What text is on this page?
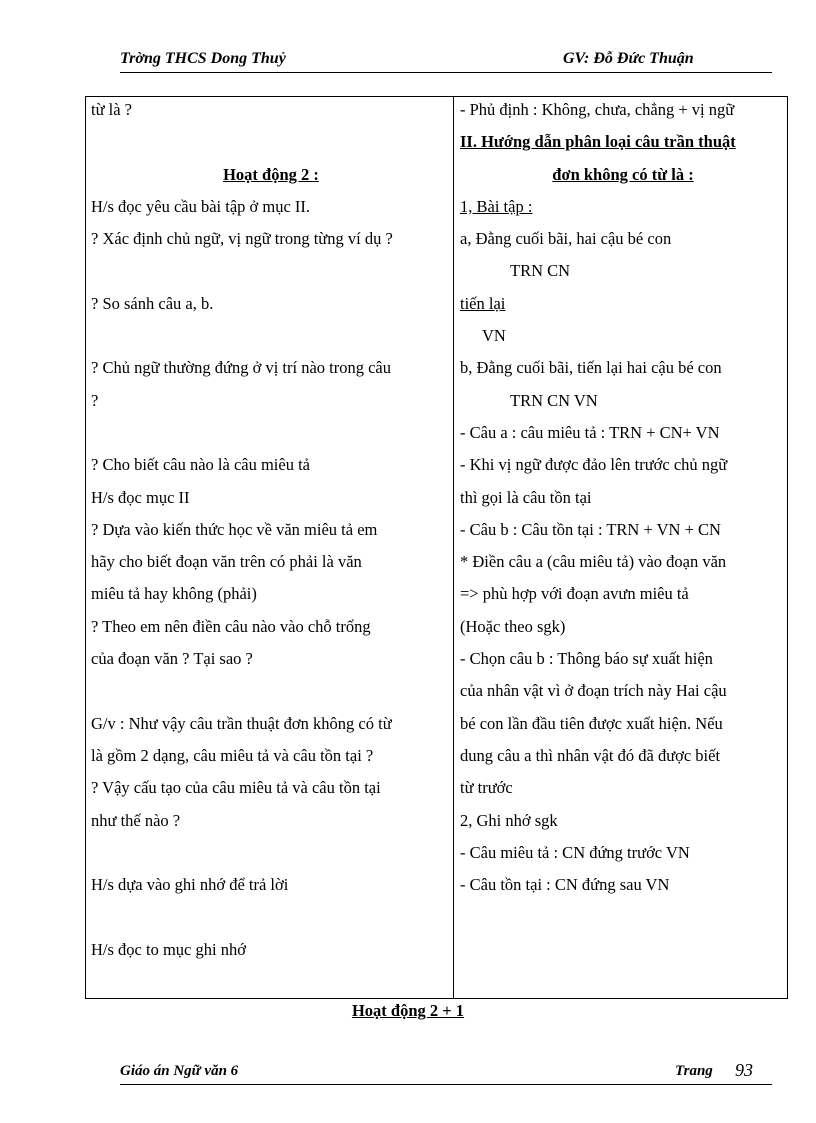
Trờng THCS Dong Thuỷ	GV: Đỗ Đức Thuận
từ là ?
Hoạt động 2 :
H/s đọc yêu cầu bài tập ở mục II.
? Xác định chủ ngữ, vị ngữ trong từng ví dụ ?
? So sánh câu a, b.
? Chủ ngữ thường đứng ở vị trí nào trong câu
?
? Cho biết câu nào là câu miêu tả
H/s đọc mục II
? Dựa vào kiến thức học về văn miêu tả em
hãy cho biết đoạn văn trên có phải là văn
miêu tả hay không (phải)
? Theo em nên điền câu nào vào chỗ trống
của đoạn văn ? Tại sao ?
G/v : Như vậy câu trần thuật đơn không có từ
là gồm 2 dạng, câu miêu tả và câu tồn tại ?
? Vậy cấu tạo của câu miêu tả và câu tồn tại
như thế nào ?
H/s dựa vào ghi nhớ để trả lời
H/s đọc to mục ghi nhớ
- Phủ định : Không, chưa, chẳng + vị ngữ
II. Hướng dẫn phân loại câu trần thuật
đơn không có từ là :
1, Bài tập :
a, Đằng cuối bãi, hai cậu bé con
TRN CN
tiến lại
VN
b, Đằng cuối bãi, tiến lại hai cậu bé con
TRN CN VN
- Câu a : câu miêu tả : TRN + CN+ VN
- Khi vị ngữ được đảo lên trước chủ ngữ
thì gọi là câu tồn tại
- Câu b : Câu tồn tại : TRN + VN + CN
* Điền câu a (câu miêu tả) vào đoạn văn
=> phù hợp với đoạn avưn miêu tả
(Hoặc theo sgk)
- Chọn câu b : Thông báo sự xuất hiện
của nhân vật vì ở đoạn trích này Hai cậu
bé con lần đầu tiên được xuất hiện. Nếu
dung câu a thì nhân vật đó đã được biết
từ trước
2, Ghi nhớ sgk
- Câu miêu tả : CN đứng trước VN
- Câu tồn tại : CN đứng sau VN
Hoạt động 2 + 1
Giáo án Ngữ văn 6	Trang 93
